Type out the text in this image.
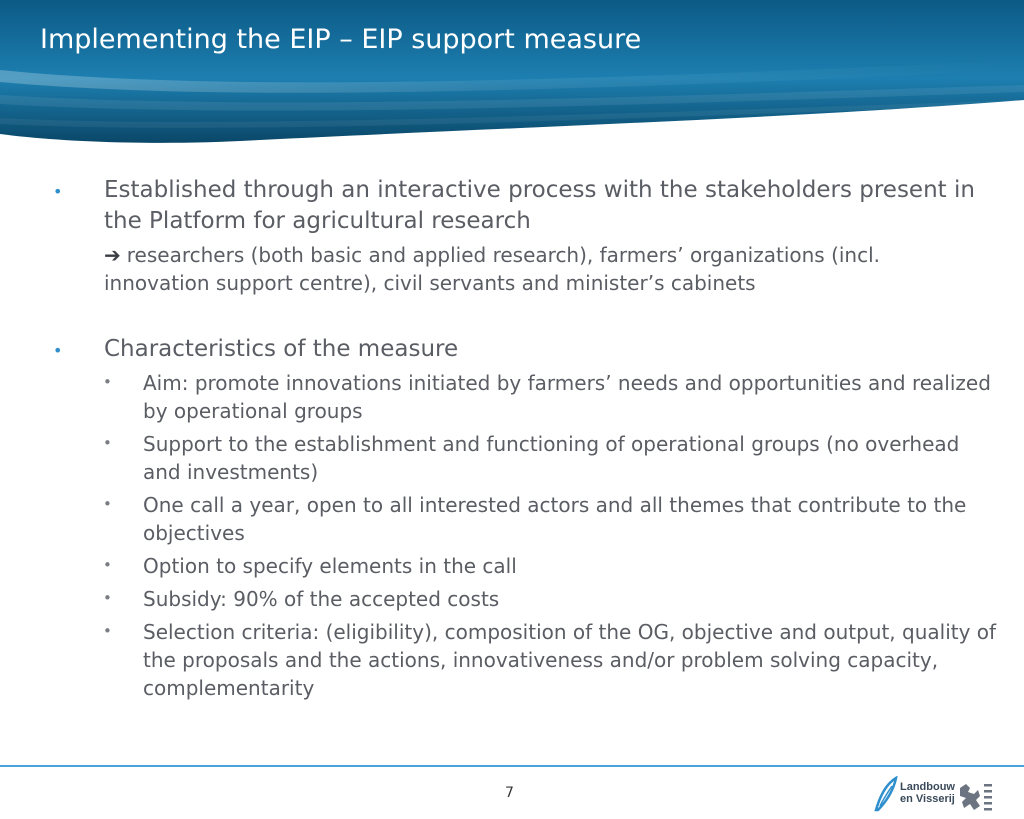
Implementing the EIP – EIP support measure
• Established through an interactive process with the stakeholders present in the Platform for agricultural research
➔ researchers (both basic and applied research), farmers’ organizations (incl. innovation support centre), civil servants and minister’s cabinets
• Characteristics of the measure
• Aim: promote innovations initiated by farmers’ needs and opportunities and realized by operational groups
• Support to the establishment and functioning of operational groups (no overhead and investments)
• One call a year, open to all interested actors and all themes that contribute to the objectives
• Option to specify elements in the call
• Subsidy: 90% of the accepted costs
• Selection criteria: (eligibility), composition of the OG, objective and output, quality of the proposals and the actions, innovativeness and/or problem solving capacity, complementarity
7	Landbouw
en Visserij
